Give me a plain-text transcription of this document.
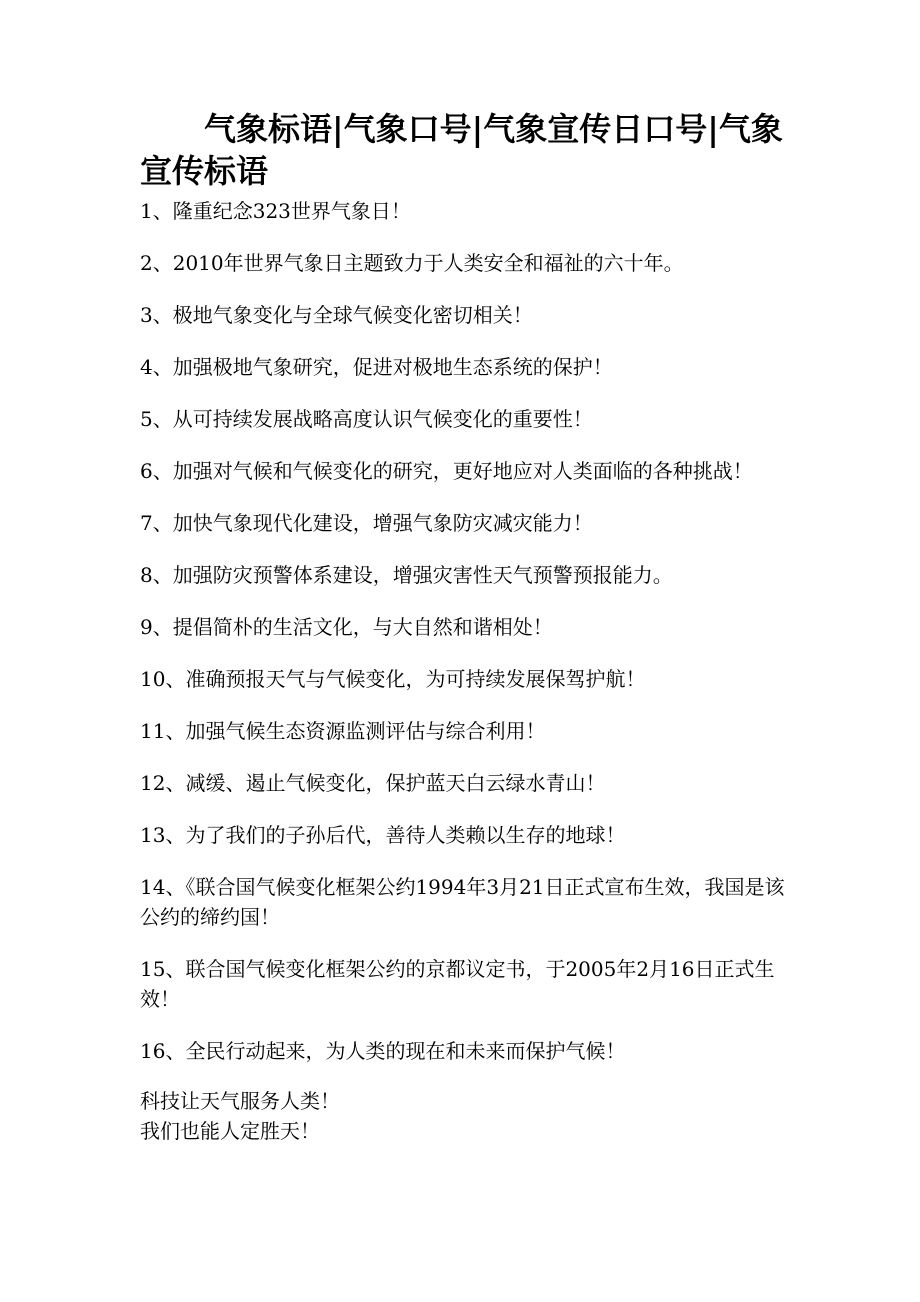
气象标语|气象口号|气象宣传日口号|气象宣传标语
1、隆重纪念323世界气象日！
2、2010年世界气象日主题致力于人类安全和福祉的六十年。
3、极地气象变化与全球气候变化密切相关！
4、加强极地气象研究，促进对极地生态系统的保护！
5、从可持续发展战略高度认识气候变化的重要性！
6、加强对气候和气候变化的研究，更好地应对人类面临的各种挑战！
7、加快气象现代化建设，增强气象防灾减灾能力！
8、加强防灾预警体系建设，增强灾害性天气预警预报能力。
9、提倡简朴的生活文化，与大自然和谐相处！
10、准确预报天气与气候变化，为可持续发展保驾护航！
11、加强气候生态资源监测评估与综合利用！
12、减缓、遏止气候变化，保护蓝天白云绿水青山！
13、为了我们的子孙后代，善待人类赖以生存的地球！
14、《联合国气候变化框架公约1994年3月21日正式宣布生效，我国是该公约的缔约国！
15、联合国气候变化框架公约的京都议定书，于2005年2月16日正式生效！
16、全民行动起来，为人类的现在和未来而保护气候！
科技让天气服务人类！
我们也能人定胜天！
